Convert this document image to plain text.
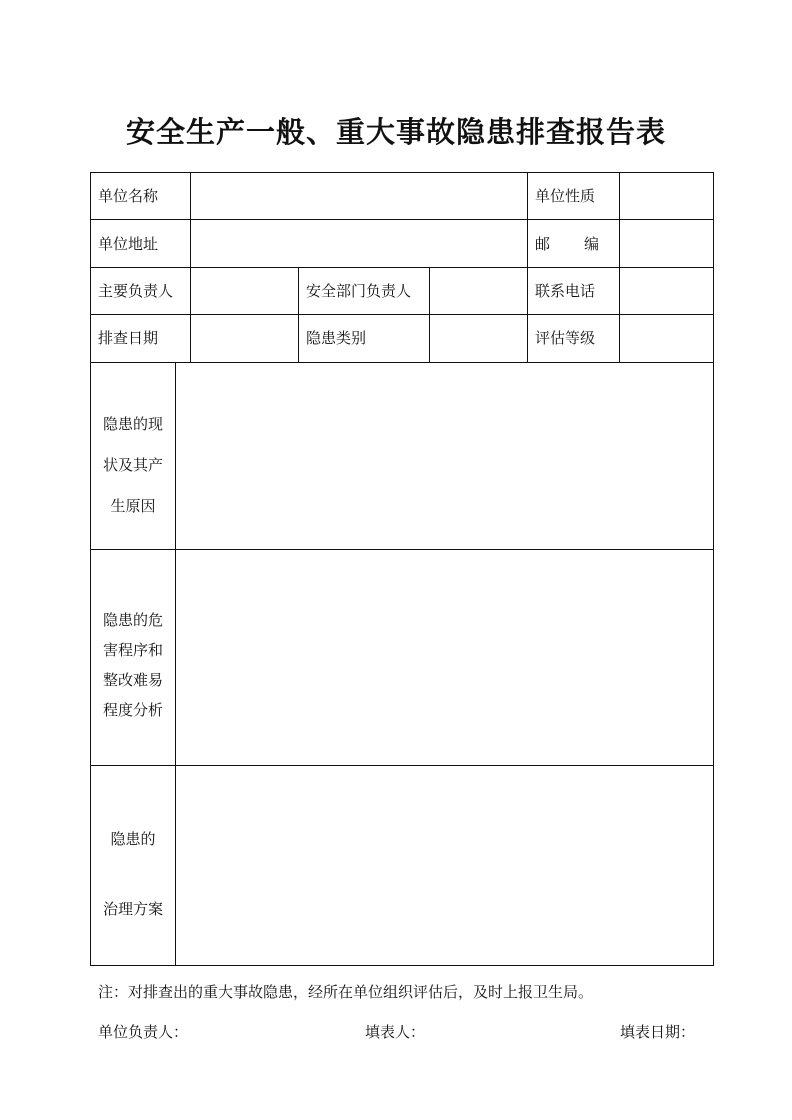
安全生产一般、重大事故隐患排查报告表
单位名称	单位性质
单位地址	邮 编
主要负责人	安全部门负责人	联系电话
排查日期	隐患类别	评估等级
隐患的现
状及其产
生原因
隐患的危
害程序和
整改难易
程度分析
隐患的
治理方案
注：对排查出的重大事故隐患，经所在单位组织评估后，及时上报卫生局。
单位负责人：	填表人：	填表日期：
